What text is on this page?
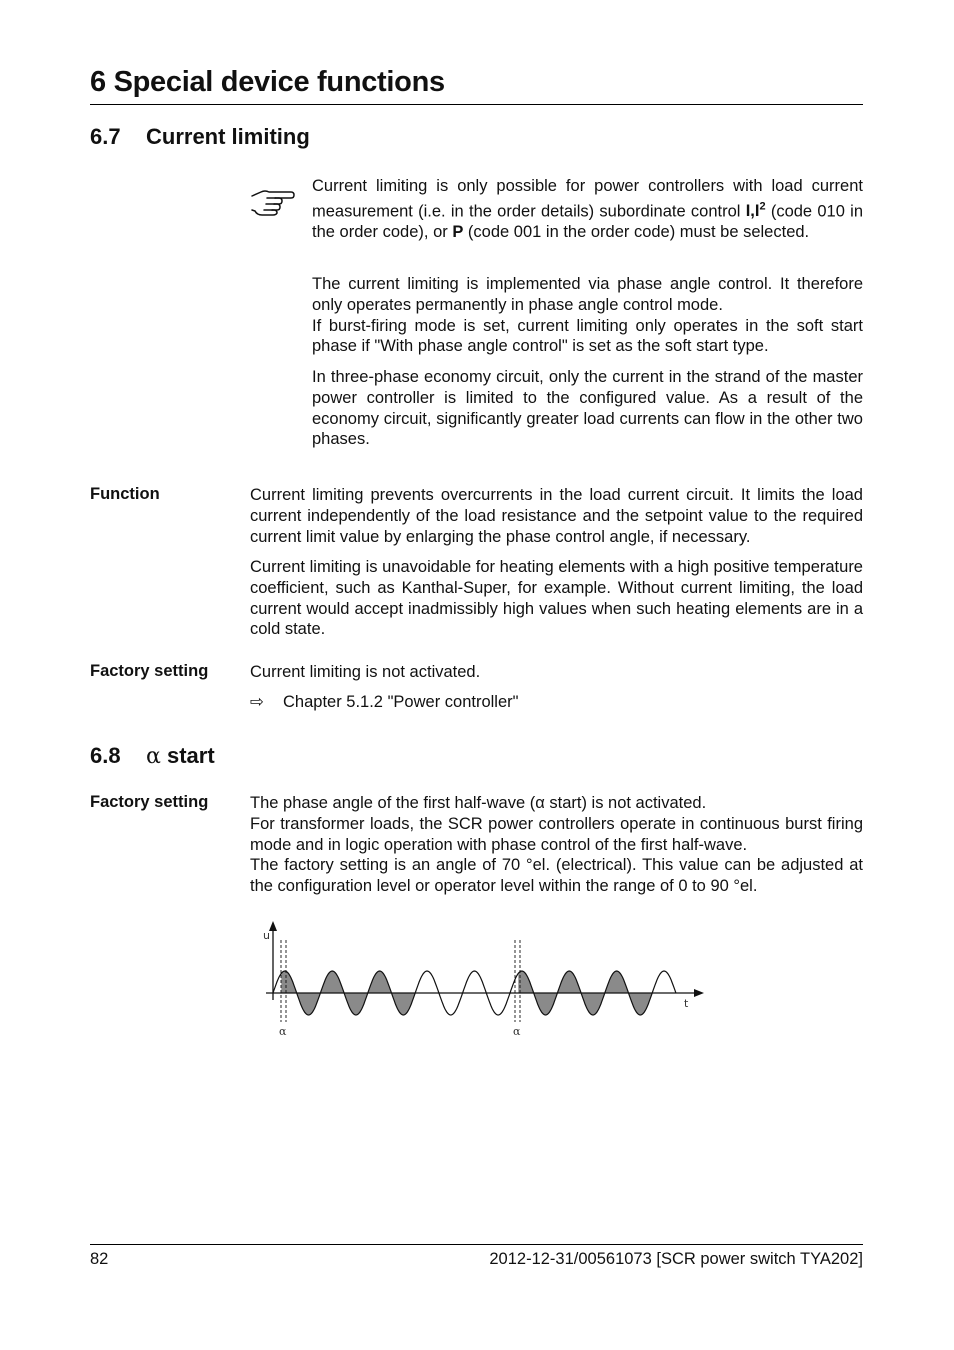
6 Special device functions
6.7 Current limiting

Current limiting is only possible for power controllers with load current measurement (i.e. in the order details) subordinate control $I,I^2$ (code 010 in the order code), or P (code 001 in the order code) must be selected.

The current limiting is implemented via phase angle control. It therefore only operates permanently in phase angle control mode.

If burst-firing mode is set, current limiting only operates in the soft start phase if "With phase angle control" is set as the soft start type.

In three-phase economy circuit, only the current in the strand of the master power controller is limited to the configured value. As a result of the economy circuit, significantly greater load currents can flow in the other two phases.

Function	Current limiting prevents overcurrents in the load current circuit. It limits the load current independently of the load resistance and the setpoint value to the required current limit value by enlarging the phase control angle, if necessary.

Current limiting is unavoidable for heating elements with a high positive temperature coefficient, such as Kanthal-Super, for example. Without current limiting, the load current would accept inadmissibly high values when such heating elements are in a cold state.

Factory setting	Current limiting is not activated.
⇨ Chapter 5.1.2 "Power controller"
6.8 α start
Factory setting	The phase angle of the first half-wave (α start) is not activated.

For transformer loads, the SCR power controllers operate in continuous burst firing mode and in logic operation with phase control of the first half-wave.

The factory setting is an angle of 70 °el. (electrical). This value can be adjusted at the configuration level or operator level within the range of 0 to 90 °el.

u
t
α	α
82	2012-12-31/00561073 [SCR power switch TYA202]
